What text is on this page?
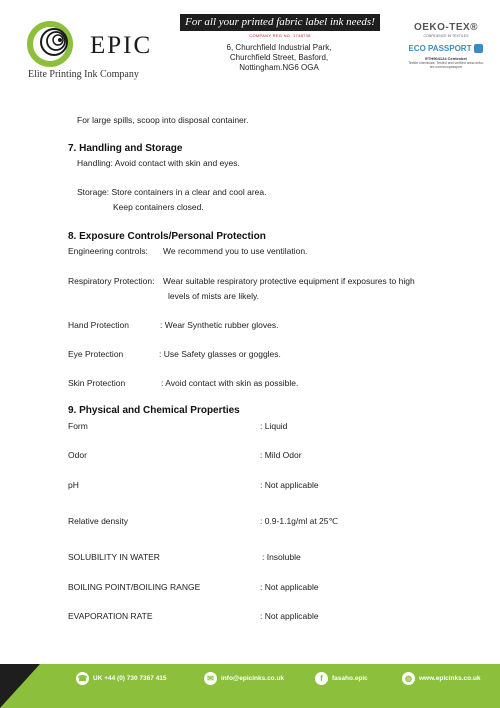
EPIC
Elite Printing Ink Company
For all your printed fabric label ink needs!
COMPANY REG NO. 1748738
6, Churchfield Industrial Park,
Churchfield Street, Basford,
Nottingham.NG6 OGA
OEKO-TEX®
CONFIDENCE IN TEXTILES
ECO PASSPORT
ETH904124 Centexbel
Textile chemicals: Tested and verified www.oeko-tex.com/ecopassport
For large spills, scoop into disposal container.
7. Handling and Storage
Handling: Avoid contact with skin and eyes.
Storage: Store containers in a clear and cool area.
Keep containers closed.
8. Exposure Controls/Personal Protection
Engineering controls: We recommend you to use ventilation.
Respiratory Protection: Wear suitable respiratory protective equipment if exposures to high
levels of mists are likely.
Hand Protection	: Wear Synthetic rubber gloves.
Eye Protection	: Use Safety glasses or goggles.
Skin Protection	: Avoid contact with skin as possible.
9. Physical and Chemical Properties
Form	: Liquid
Odor	: Mild Odor
pH	: Not applicable
Relative density	: 0.9-1.1g/ml at 25℃
SOLUBILITY IN WATER	: Insoluble
BOILING POINT/BOILING RANGE	: Not applicable
EVAPORATION RATE	: Not applicable
☎ UK +44 (0) 730 7367 415	✉	info@epicinks.co.uk	f	fasaho.epic	◍	www.epicinks.co.uk
